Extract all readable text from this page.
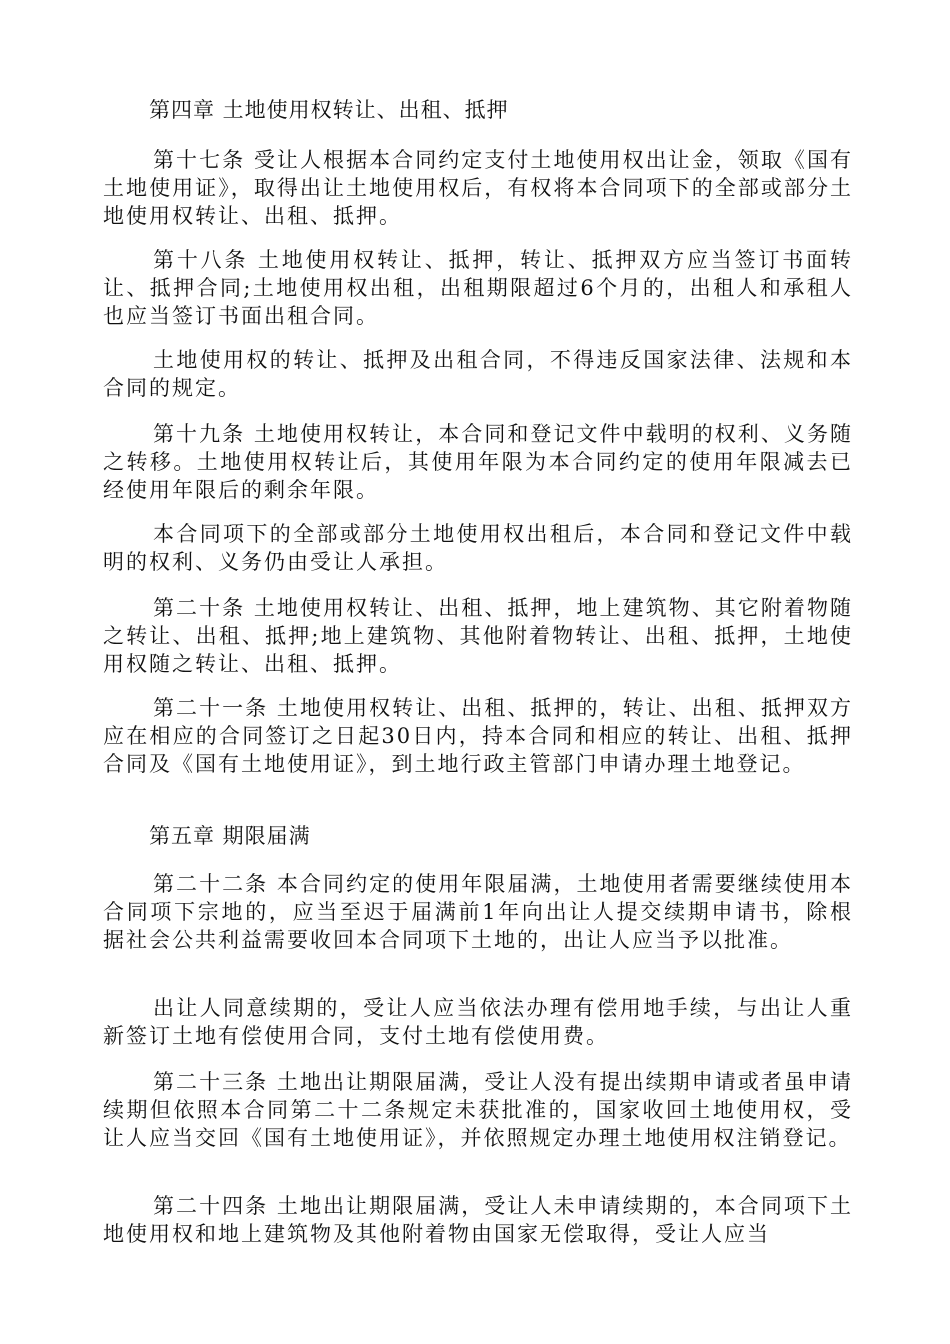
第四章 土地使用权转让、出租、抵押

第十七条 受让人根据本合同约定支付土地使用权出让金，领取《国有土地使用证》，取得出让土地使用权后，有权将本合同项下的全部或部分土地使用权转让、出租、抵押。

第十八条 土地使用权转让、抵押，转让、抵押双方应当签订书面转让、抵押合同;土地使用权出租，出租期限超过6个月的，出租人和承租人也应当签订书面出租合同。

土地使用权的转让、抵押及出租合同，不得违反国家法律、法规和本合同的规定。

第十九条 土地使用权转让，本合同和登记文件中载明的权利、义务随之转移。土地使用权转让后，其使用年限为本合同约定的使用年限减去已经使用年限后的剩余年限。

本合同项下的全部或部分土地使用权出租后，本合同和登记文件中载明的权利、义务仍由受让人承担。

第二十条 土地使用权转让、出租、抵押，地上建筑物、其它附着物随之转让、出租、抵押;地上建筑物、其他附着物转让、出租、抵押，土地使用权随之转让、出租、抵押。

第二十一条 土地使用权转让、出租、抵押的，转让、出租、抵押双方应在相应的合同签订之日起30日内，持本合同和相应的转让、出租、抵押合同及《国有土地使用证》，到土地行政主管部门申请办理土地登记。

第五章 期限届满

第二十二条 本合同约定的使用年限届满，土地使用者需要继续使用本合同项下宗地的，应当至迟于届满前1年向出让人提交续期申请书，除根据社会公共利益需要收回本合同项下土地的，出让人应当予以批准。

出让人同意续期的，受让人应当依法办理有偿用地手续，与出让人重新签订土地有偿使用合同，支付土地有偿使用费。

第二十三条 土地出让期限届满，受让人没有提出续期申请或者虽申请续期但依照本合同第二十二条规定未获批准的，国家收回土地使用权，受让人应当交回《国有土地使用证》，并依照规定办理土地使用权注销登记。

第二十四条 土地出让期限届满，受让人未申请续期的，本合同项下土地使用权和地上建筑物及其他附着物由国家无偿取得，受让人应当
